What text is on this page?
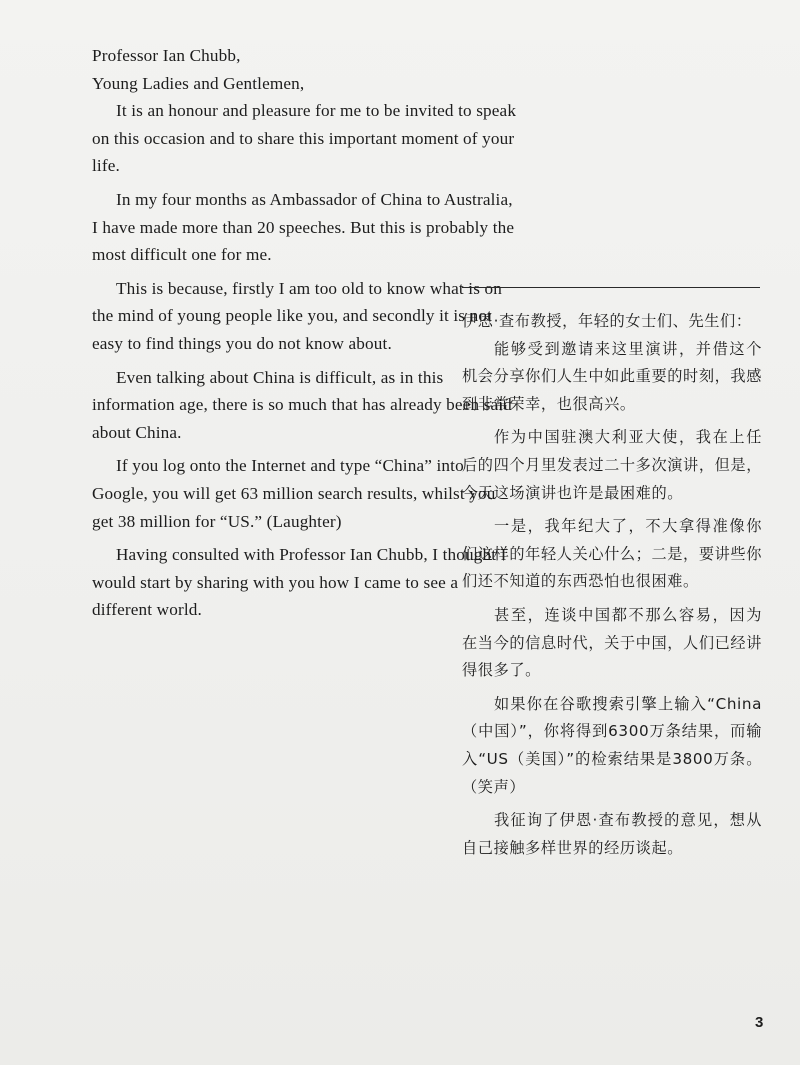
Professor Ian Chubb,

Young Ladies and Gentlemen,

It is an honour and pleasure for me to be invited to speak on this occasion and to share this important moment of your life.

In my four months as Ambassador of China to Australia, I have made more than 20 speeches. But this is probably the most difficult one for me.

This is because, firstly I am too old to know what is on the mind of young people like you, and secondly it is not easy to find things you do not know about.

Even talking about China is difficult, as in this information age, there is so much that has already been said about China.

If you log onto the Internet and type “China” into Google, you will get 63 million search results, whilst you get 38 million for “US.” (Laughter)

Having consulted with Professor Ian Chubb, I thought I would start by sharing with you how I came to see a different world.

伊恩·查布教授，年轻的女士们、先生们：

能够受到邀请来这里演讲，并借这个机会分享你们人生中如此重要的时刻，我感到非常荣幸，也很高兴。

作为中国驻澳大利亚大使，我在上任后的四个月里发表过二十多次演讲，但是，今天这场演讲也许是最困难的。

一是，我年纪大了，不大拿得准像你们这样的年轻人关心什么；二是，要讲些你们还不知道的东西恐怕也很困难。

甚至，连谈中国都不那么容易，因为在当今的信息时代，关于中国，人们已经讲得很多了。

如果你在谷歌搜索引擎上输入“China（中国）”，你将得到6300万条结果，而输入“US（美国）”的检索结果是3800万条。（笑声）

我征询了伊恩·查布教授的意见，想从自己接触多样世界的经历谈起。

3
